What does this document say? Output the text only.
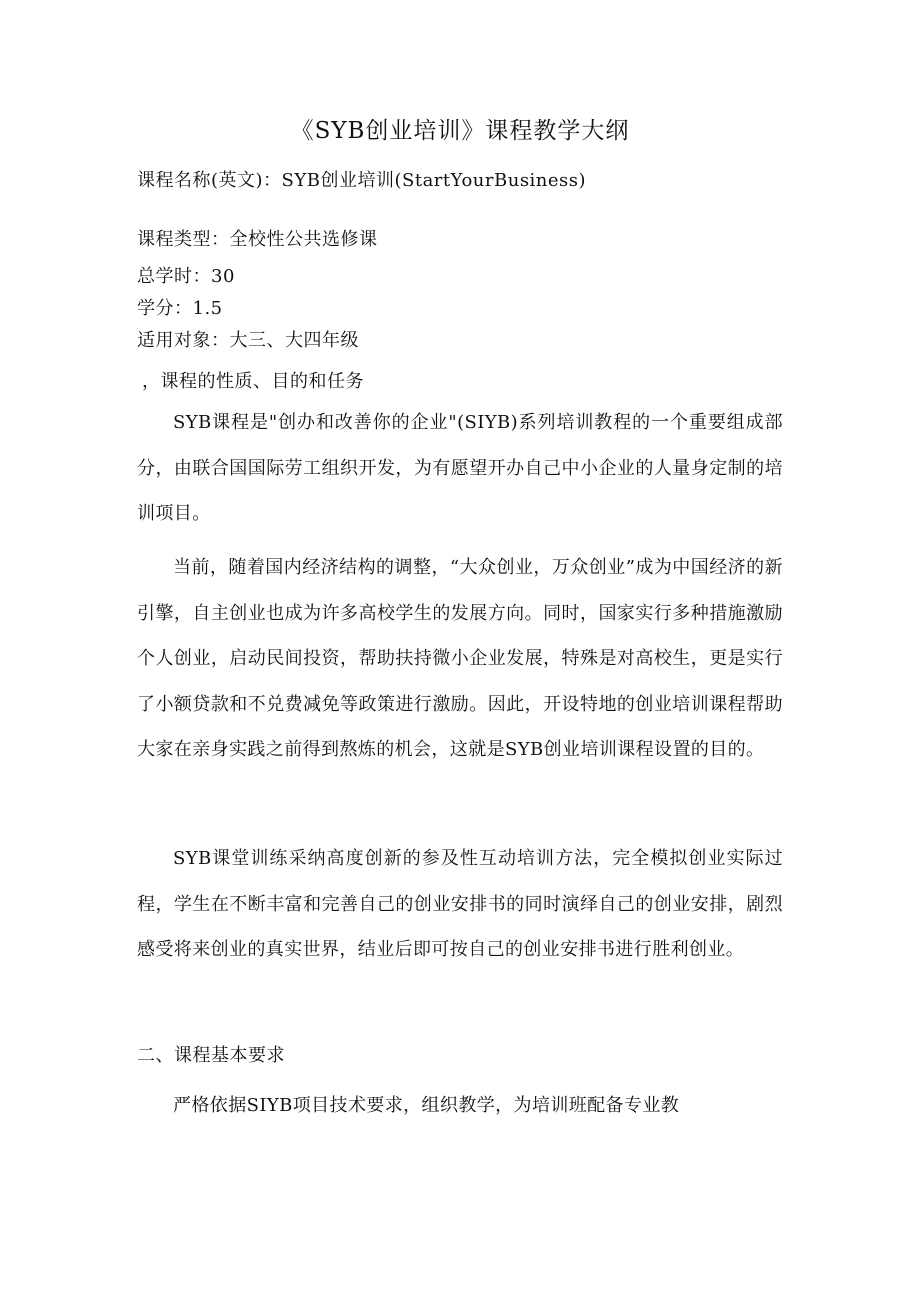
《SYB创业培训》课程教学大纲
课程名称(英文)：SYB创业培训(StartYourBusiness)
课程类型：全校性公共选修课
总学时：30
学分：1.5
适用对象：大三、大四年级
，课程的性质、目的和任务
SYB课程是"创办和改善你的企业"(SIYB)系列培训教程的一个重要组成部分，由联合国国际劳工组织开发，为有愿望开办自己中小企业的人量身定制的培训项目。
当前，随着国内经济结构的调整，“大众创业，万众创业”成为中国经济的新引擎，自主创业也成为许多高校学生的发展方向。同时，国家实行多种措施激励个人创业，启动民间投资，帮助扶持微小企业发展，特殊是对高校生，更是实行了小额贷款和不兑费减免等政策进行激励。因此，开设特地的创业培训课程帮助大家在亲身实践之前得到熬炼的机会，这就是SYB创业培训课程设置的目的。
SYB课堂训练采纳高度创新的参及性互动培训方法，完全模拟创业实际过程，学生在不断丰富和完善自己的创业安排书的同时演绎自己的创业安排，剧烈感受将来创业的真实世界，结业后即可按自己的创业安排书进行胜利创业。
二、课程基本要求
严格依据SIYB项目技术要求，组织教学，为培训班配备专业教
